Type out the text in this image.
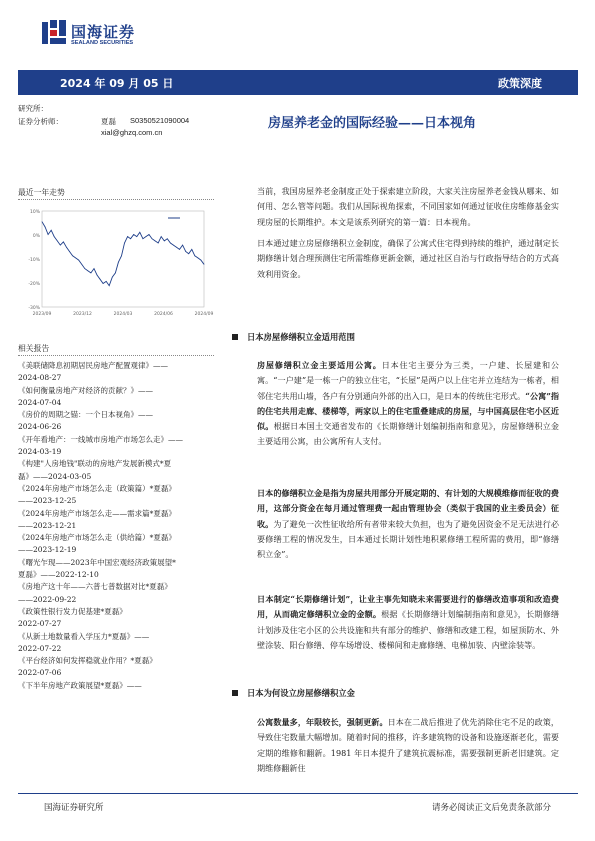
国海证券
SEALAND SECURITIES
2024 年 09 月 05 日	政策深度
研究所：
证券分析师：	夏磊 S0350521090004
xial@ghzq.com.cn
房屋养老金的国际经验——日本视角
最近一年走势
-30%
-20%
-10%
0%
10%
2023/09	2023/12	2024/03	2024/06	2024/09
相关报告
《美联储降息初期居民房地产配置观律》——
2024-08-27
《如何衡量房地产对经济的贡献？》——
2024-07-04
《房价的周期之锚：一个日本视角》——
2024-06-26
《开年看地产：一线城市房地产市场怎么走》——
2024-03-19
《构建"人房地钱"联动的房地产发展新模式*夏
磊》——2024-03-05
《2024年房地产市场怎么走（政策篇）*夏磊》
——2023-12-25
《2024年房地产市场怎么走——需求篇*夏磊》
——2023-12-21
《2024年房地产市场怎么走（供给篇）*夏磊》
——2023-12-19
《曙光乍现——2023年中国宏观经济政策展望*
夏磊》——2022-12-10
《房地产这十年——六普七普数据对比*夏磊》
——2022-09-22
《政策性银行发力促基建*夏磊》
2022-07-27
《从新土地数量看入学压力*夏磊》——
2022-07-22
《平台经济如何发挥稳就业作用？*夏磊》
2022-07-06
《下半年房地产政策展望*夏磊》——
当前，我国房屋养老金制度正处于探索建立阶段，大家关注房屋养老金钱从哪来、如何用、怎么管等问题。我们从国际视角探索，不同国家如何通过征收住房维修基金实现房屋的长期维护。本文是该系列研究的第一篇：日本视角。
日本通过建立房屋修缮积立金制度，确保了公寓式住宅得到持续的维护，通过制定长期修缮计划合理预测住宅所需维修更新金额，通过社区自治与行政指导结合的方式高效利用资金。
日本房屋修缮积立金适用范围
房屋修缮积立金主要适用公寓。日本住宅主要分为三类，一户建、长屋建和公寓。“一户建”是一栋一户的独立住宅，“长屋”是两户以上住宅并立连结为一栋者，相邻住宅共用山墙，各户有分别通向外部的出入口，是日本的传统住宅形式。“公寓”指的住宅共用走廊、楼梯等，两家以上的住宅重叠建成的房屋，与中国高层住宅小区近似。根据日本国土交通省发布的《长期修缮计划编制指南和意见》，房屋修缮积立金主要适用公寓，由公寓所有人支付。
日本的修缮积立金是指为房屋共用部分开展定期的、有计划的大规模维修而征收的费用，这部分资金在每月通过管理费一起由管理协会（类似于我国的业主委员会）征收。为了避免一次性征收给所有者带来较大负担，也为了避免因资金不足无法进行必要修缮工程的情况发生，日本通过长期计划性地积累修缮工程所需的费用，即“修缮积立金”。
日本制定“长期修缮计划”，让业主事先知晓未来需要进行的修缮改造事项和改造费用，从而确定修缮积立金的金额。根据《长期修缮计划编制指南和意见》，长期修缮计划涉及住宅小区的公共设施和共有部分的维护、修缮和改建工程，如屋顶防水、外壁涂装、阳台修缮、停车场增设、楼梯间和走廊修缮、电梯加装、内壁涂装等。
日本为何设立房屋修缮积立金
公寓数量多，年限较长，强制更新。日本在二战后推进了优先消除住宅不足的政策，导致住宅数量大幅增加。随着时间的推移，许多建筑物的设备和设施逐渐老化，需要定期的维修和翻新。1981 年日本提升了建筑抗震标准，需要强制更新老旧建筑。定期维修翻新住
国海证券研究所	请务必阅读正文后免责条款部分
